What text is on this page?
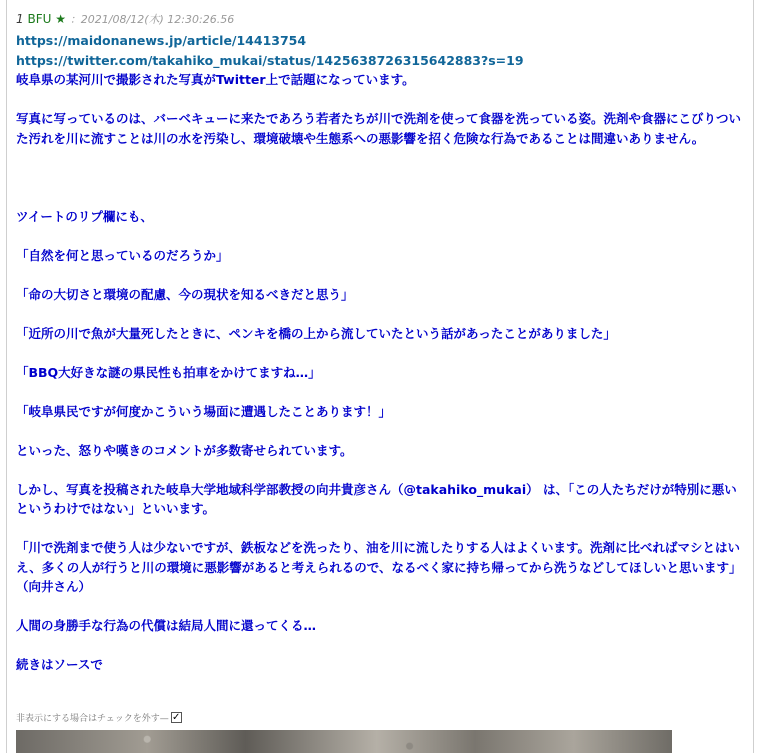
1 BFU ★ ：2021/08/12(木) 12:30:26.56
https://maidonanews.jp/article/14413754
https://twitter.com/takahiko_mukai/status/1425638726315642883?s=19
岐阜県の某河川で撮影された写真がTwitter上で話題になっています。
写真に写っているのは、バーベキューに来たであろう若者たちが川で洗剤を使って食器を洗っている姿。洗剤や食器にこびりついた汚れを川に流すことは川の水を汚染し、環境破壊や生態系への悪影響を招く危険な行為であることは間違いありません。
ツイートのリプ欄にも、
「自然を何と思っているのだろうか」
「命の大切さと環境の配慮、今の現状を知るべきだと思う」
「近所の川で魚が大量死したときに、ペンキを橋の上から流していたという話があったことがありました」
「BBQ大好きな謎の県民性も拍車をかけてますね…」
「岐阜県民ですが何度かこういう場面に遭遇したことあります！」
といった、怒りや嘆きのコメントが多数寄せられています。
しかし、写真を投稿された岐阜大学地域科学部教授の向井貴彦さん（@takahiko_mukai） は、「この人たちだけが特別に悪いというわけではない」といいます。
「川で洗剤まで使う人は少ないですが、鉄板などを洗ったり、油を川に流したりする人はよくいます。洗剤に比べればマシとはいえ、多くの人が行うと川の環境に悪影響があると考えられるので、なるべく家に持ち帰ってから洗うなどしてほしいと思います」（向井さん）
人間の身勝手な行為の代償は結局人間に還ってくる…
続きはソースで
非表示にする場合はチェックを外す— ✓
